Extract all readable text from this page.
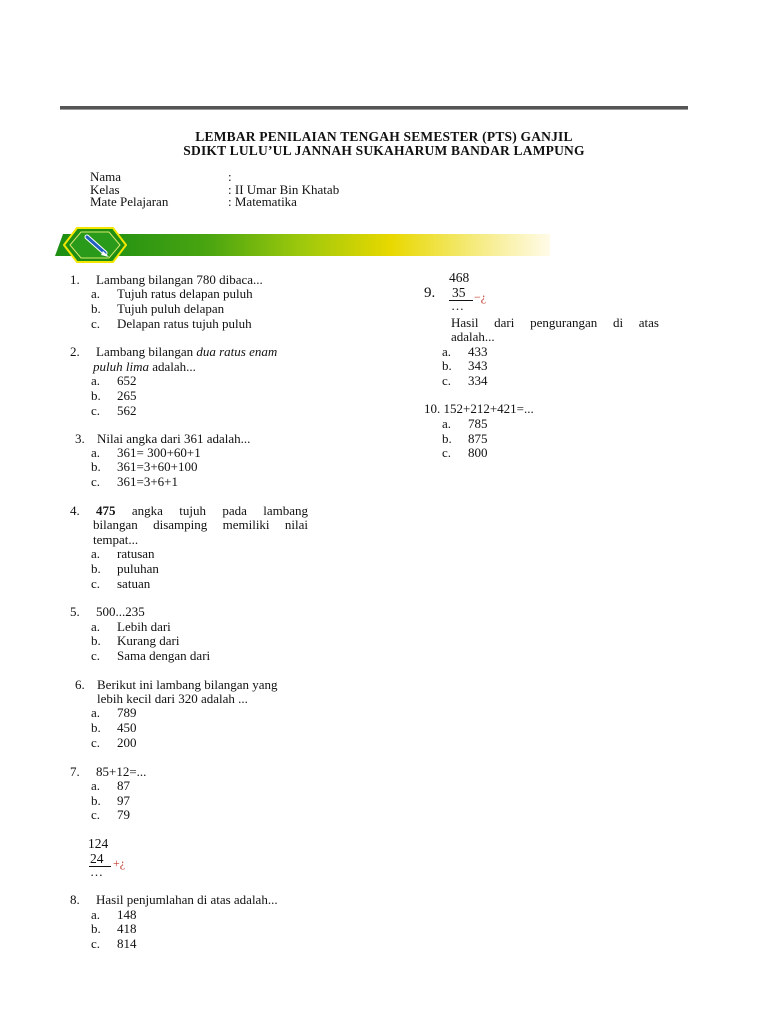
LEMBAR PENILAIAN TENGAH SEMESTER (PTS) GANJIL
SDIKT LULU’UL JANNAH SUKAHARUM BANDAR LAMPUNG
Nama	:
Kelas	: II Umar Bin Khatab
Mate Pelajaran	: Matematika
1. Lambang bilangan 780 dibaca...
a. Tujuh ratus delapan puluh
b. Tujuh puluh delapan
c. Delapan ratus tujuh puluh
2. Lambang bilangan dua ratus enam
puluh lima adalah...
a. 652
b. 265
c. 562
3. Nilai angka dari 361 adalah...
a. 361= 300+60+1
b. 361=3+60+100
c. 361=3+6+1
4. 475 angka tujuh pada lambang
bilangan disamping memiliki nilai
tempat...
a. ratusan
b. puluhan
c. satuan
5. 500...235
a. Lebih dari
b. Kurang dari
c. Sama dengan dari
6. Berikut ini lambang bilangan yang
lebih kecil dari 320 adalah ...
a. 789
b. 450
c. 200
7. 85+12=...
a. 87
b. 97
c. 79
124
24 +¿
…
8. Hasil penjumlahan di atas adalah...
a. 148
b. 418
c. 814
468
9. 35 −¿
…
Hasil dari pengurangan di atas
adalah...
a. 433
b. 343
c. 334
10. 152+212+421=...
a. 785
b. 875
c. 800
